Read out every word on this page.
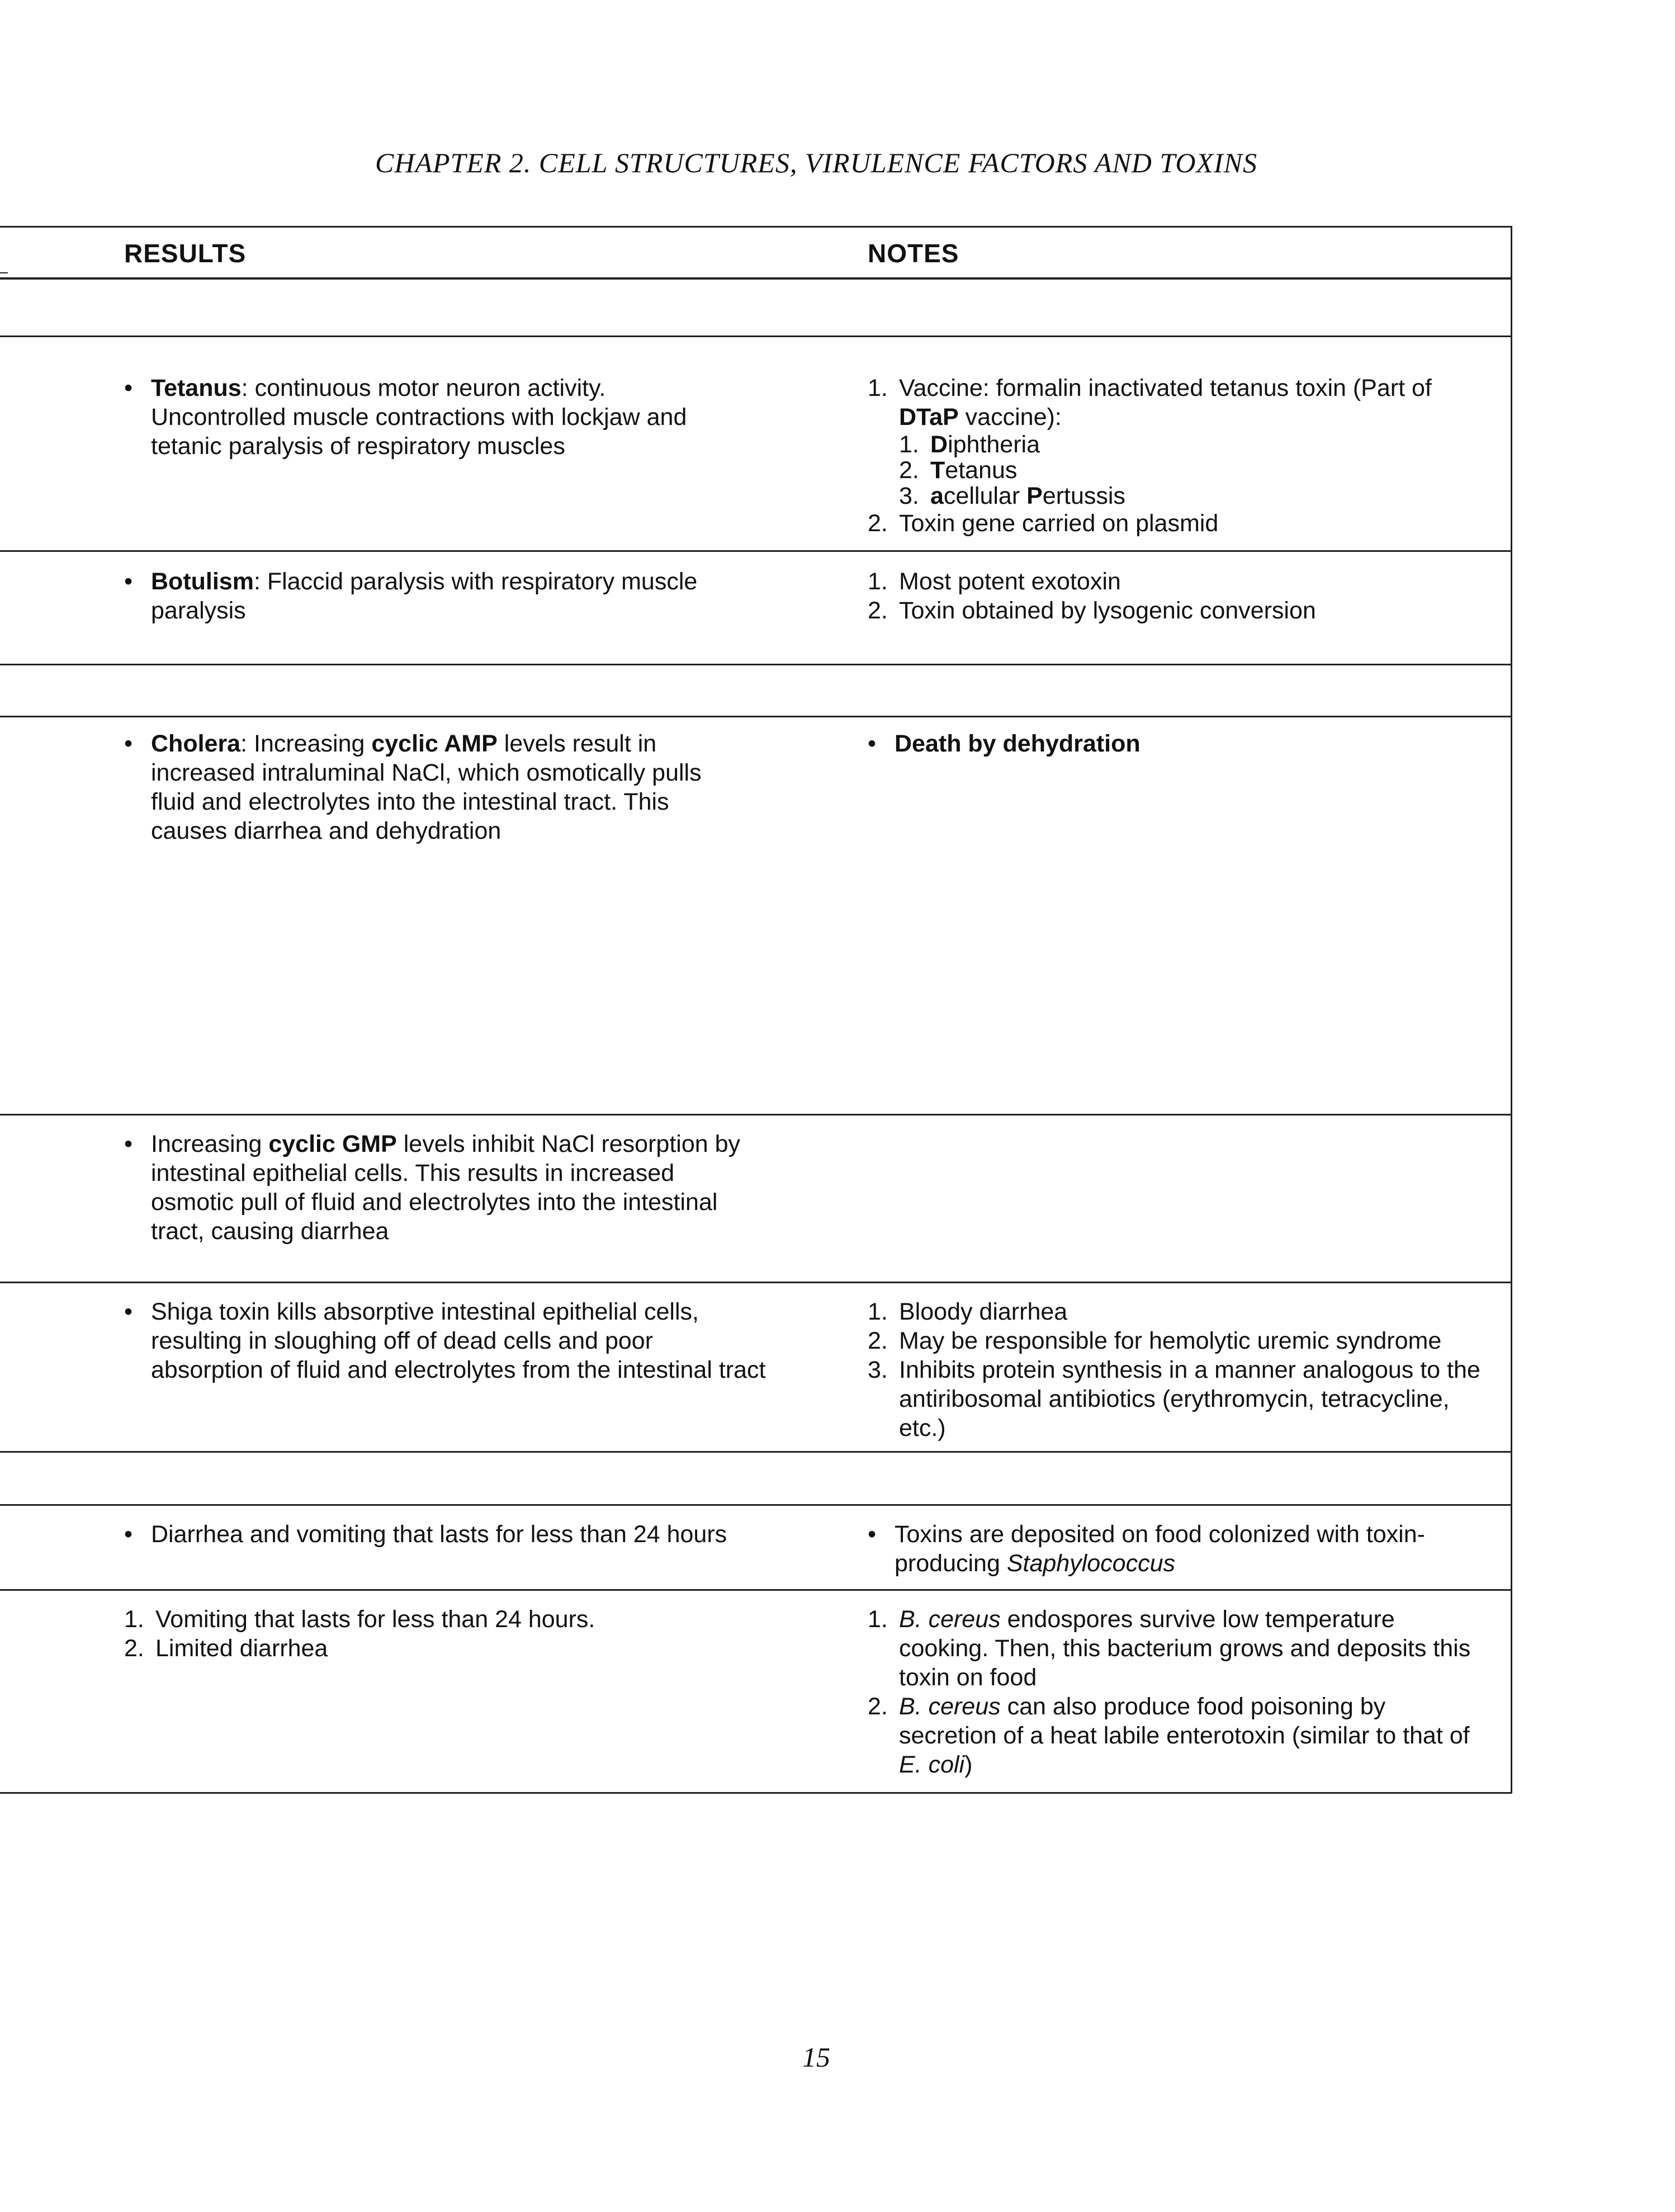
CHAPTER 2. CELL STRUCTURES, VIRULENCE FACTORS AND TOXINS
RESULTS	NOTES
• Tetanus: continuous motor neuron activity. Uncontrolled muscle contractions with lockjaw and tetanic paralysis of respiratory muscles
1. Vaccine: formalin inactivated tetanus toxin (Part of DTaP vaccine):
1. Diphtheria
2. Tetanus
3. acellular Pertussis
2. Toxin gene carried on plasmid
• Botulism: Flaccid paralysis with respiratory muscle paralysis
1. Most potent exotoxin
2. Toxin obtained by lysogenic conversion
• Cholera: Increasing cyclic AMP levels result in increased intraluminal NaCl, which osmotically pulls fluid and electrolytes into the intestinal tract. This causes diarrhea and dehydration
• Death by dehydration
• Increasing cyclic GMP levels inhibit NaCl resorption by intestinal epithelial cells. This results in increased osmotic pull of fluid and electrolytes into the intestinal tract, causing diarrhea
• Shiga toxin kills absorptive intestinal epithelial cells, resulting in sloughing off of dead cells and poor absorption of fluid and electrolytes from the intestinal tract
1. Bloody diarrhea
2. May be responsible for hemolytic uremic syndrome
3. Inhibits protein synthesis in a manner analogous to the antiribosomal antibiotics (erythromycin, tetracycline, etc.)
• Diarrhea and vomiting that lasts for less than 24 hours	• Toxins are deposited on food colonized with toxin-producing Staphylococcus
1. Vomiting that lasts for less than 24 hours.
2. Limited diarrhea
1. B. cereus endospores survive low temperature cooking. Then, this bacterium grows and deposits this toxin on food
2. B. cereus can also produce food poisoning by secretion of a heat labile enterotoxin (similar to that of E. coli)
15
